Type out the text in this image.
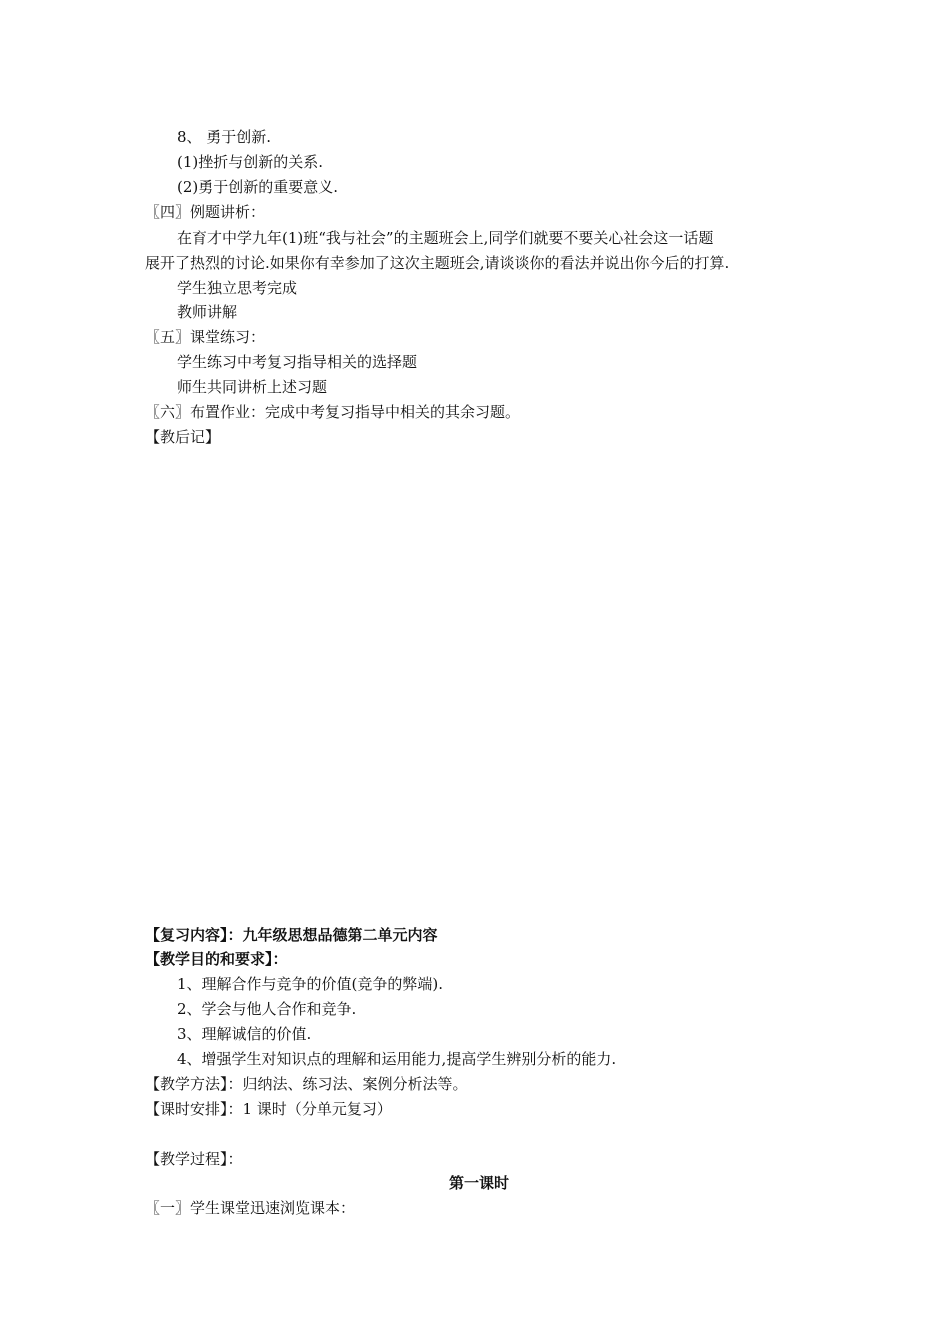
8、 勇于创新.
(1)挫折与创新的关系.
(2)勇于创新的重要意义.
〖四〗例题讲析：
在育才中学九年(1)班“我与社会”的主题班会上,同学们就要不要关心社会这一话题
展开了热烈的讨论.如果你有幸参加了这次主题班会,请谈谈你的看法并说出你今后的打算.
学生独立思考完成
教师讲解
〖五〗课堂练习：
学生练习中考复习指导相关的选择题
师生共同讲析上述习题
〖六〗布置作业：完成中考复习指导中相关的其余习题。
【教后记】
【复习内容】：九年级思想品德第二单元内容
【教学目的和要求】：
1、理解合作与竞争的价值(竞争的弊端).
2、学会与他人合作和竞争.
3、理解诚信的价值.
4、增强学生对知识点的理解和运用能力,提高学生辨别分析的能力.
【教学方法】：归纳法、练习法、案例分析法等。
【课时安排】：1 课时（分单元复习）
【教学过程】：
第一课时
〖一〗学生课堂迅速浏览课本：
